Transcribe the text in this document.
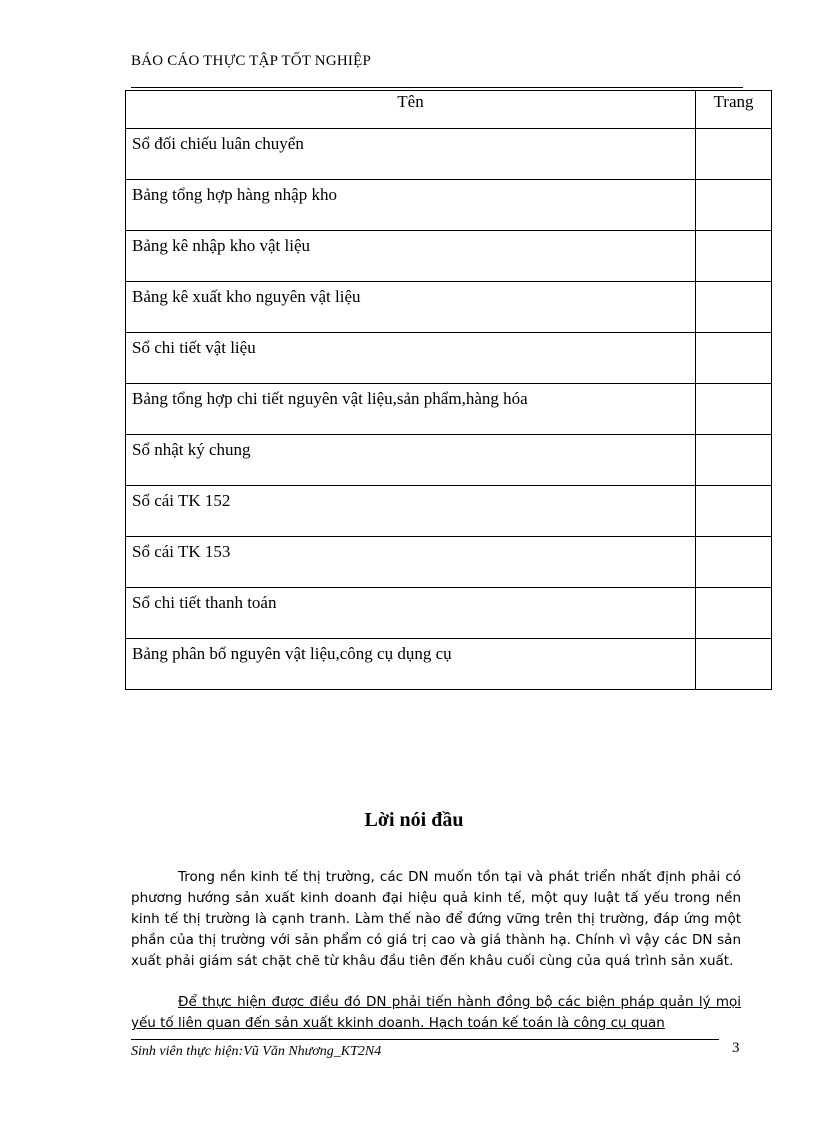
BÁO CÁO THỰC TẬP TỐT NGHIỆP
Tên	Trang
Sổ đối chiếu luân chuyển	
Bảng tổng hợp hàng nhập kho	
Bảng kê nhập kho vật liệu	
Bảng kê xuất kho nguyên vật liệu	
Sổ chi tiết vật liệu	
Bảng tổng hợp chi tiết nguyên vật liệu,sản phẩm,hàng hóa	
Sổ nhật ký chung	
Sổ cái TK 152	
Sổ cái TK 153	
Sổ chi tiết thanh toán	
Bảng phân bổ nguyên vật liệu,công cụ dụng cụ	
Lời nói đầu

Trong nền kinh tế thị trường, các DN muốn tồn tại và phát triển nhất định phải có phương hướng sản xuất kinh doanh đại hiệu quả kinh tế, một quy luật tấ yếu trong nền kinh tế thị trường là cạnh tranh. Làm thế nào để đứng vững trên thị trường, đáp ứng một phần của thị trường với sản phẩm có giá trị cao và giá thành hạ. Chính vì vậy các DN sản xuất phải giám sát chặt chẽ từ khâu đầu tiên đến khâu cuối cùng của quá trình sản xuất.

Để thực hiện được điều đó DN phải tiến hành đồng bộ các biện pháp quản lý mọi yếu tố liên quan đến sản xuất kkinh doanh. Hạch toán kế toán là công cụ quan

Sinh viên thực hiện:Vũ Văn Nhương_KT2N4	3
